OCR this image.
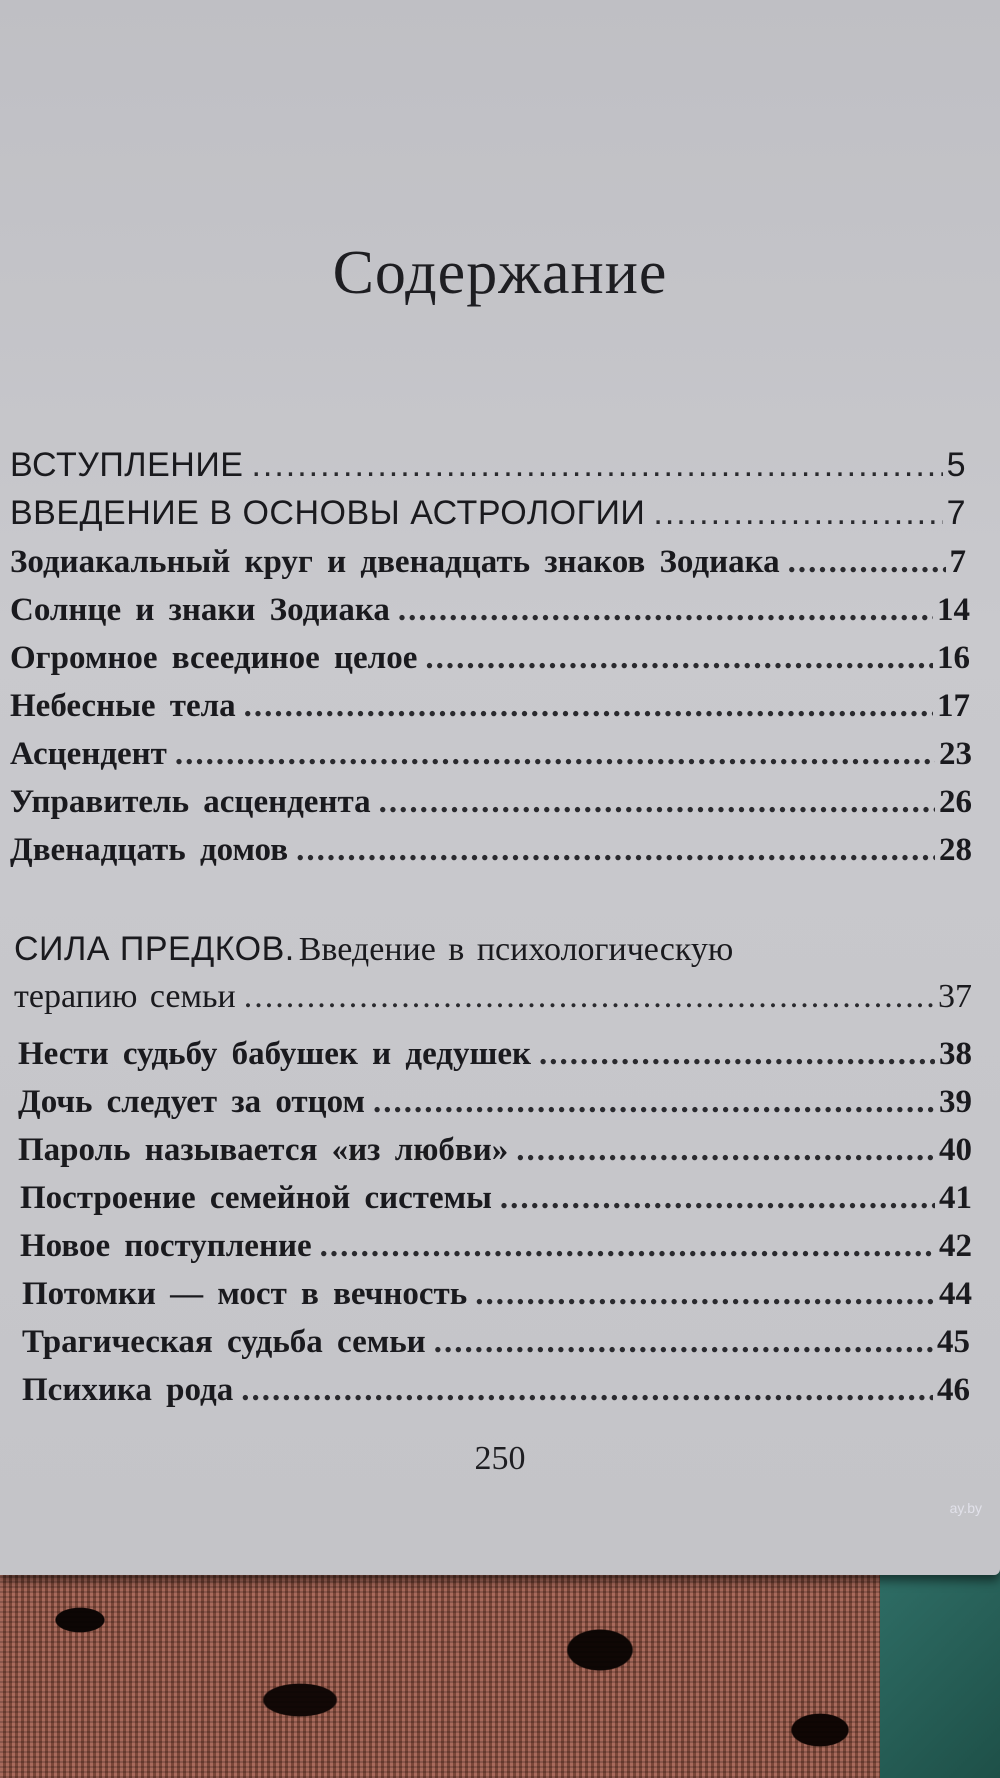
Содержание
ВСТУПЛЕНИЕ .....	5
ВВЕДЕНИЕ В ОСНОВЫ АСТРОЛОГИИ .....	7
Зодиакальный круг и двенадцать знаков Зодиака .....	7
Солнце и знаки Зодиака .....	14
Огромное всеединое целое .....	16
Небесные тела .....	17
Асцендент .....	23
Управитель асцендента .....	26
Двенадцать домов .....	28
СИЛА ПРЕДКОВ. Введение в психологическую
терапию семьи .....	37
Нести судьбу бабушек и дедушек .....	38
Дочь следует за отцом .....	39
Пароль называется «из любви» .....	40
Построение семейной системы .....	41
Новое поступление .....	42
Потомки — мост в вечность .....	44
Трагическая судьба семьи .....	45
Психика рода .....	46
250
ay.by
